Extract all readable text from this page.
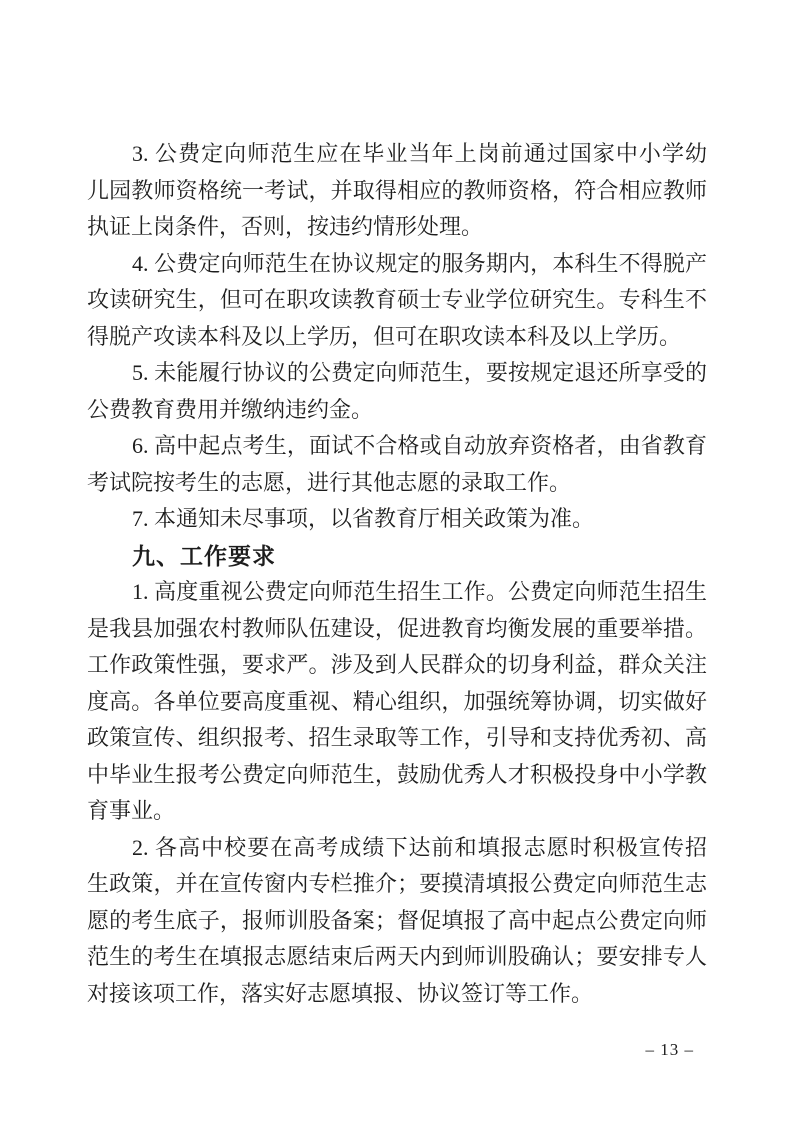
3. 公费定向师范生应在毕业当年上岗前通过国家中小学幼
儿园教师资格统一考试，并取得相应的教师资格，符合相应教师
执证上岗条件，否则，按违约情形处理。
4. 公费定向师范生在协议规定的服务期内，本科生不得脱产
攻读研究生，但可在职攻读教育硕士专业学位研究生。专科生不
得脱产攻读本科及以上学历，但可在职攻读本科及以上学历。
5. 未能履行协议的公费定向师范生，要按规定退还所享受的
公费教育费用并缴纳违约金。
6. 高中起点考生，面试不合格或自动放弃资格者，由省教育
考试院按考生的志愿，进行其他志愿的录取工作。
7. 本通知未尽事项，以省教育厅相关政策为准。
九、工作要求
1. 高度重视公费定向师范生招生工作。公费定向师范生招生
是我县加强农村教师队伍建设，促进教育均衡发展的重要举措。
工作政策性强，要求严。涉及到人民群众的切身利益，群众关注
度高。各单位要高度重视、精心组织，加强统筹协调，切实做好
政策宣传、组织报考、招生录取等工作，引导和支持优秀初、高
中毕业生报考公费定向师范生，鼓励优秀人才积极投身中小学教
育事业。
2. 各高中校要在高考成绩下达前和填报志愿时积极宣传招
生政策，并在宣传窗内专栏推介；要摸清填报公费定向师范生志
愿的考生底子，报师训股备案；督促填报了高中起点公费定向师
范生的考生在填报志愿结束后两天内到师训股确认；要安排专人
对接该项工作，落实好志愿填报、协议签订等工作。
– 13 –
